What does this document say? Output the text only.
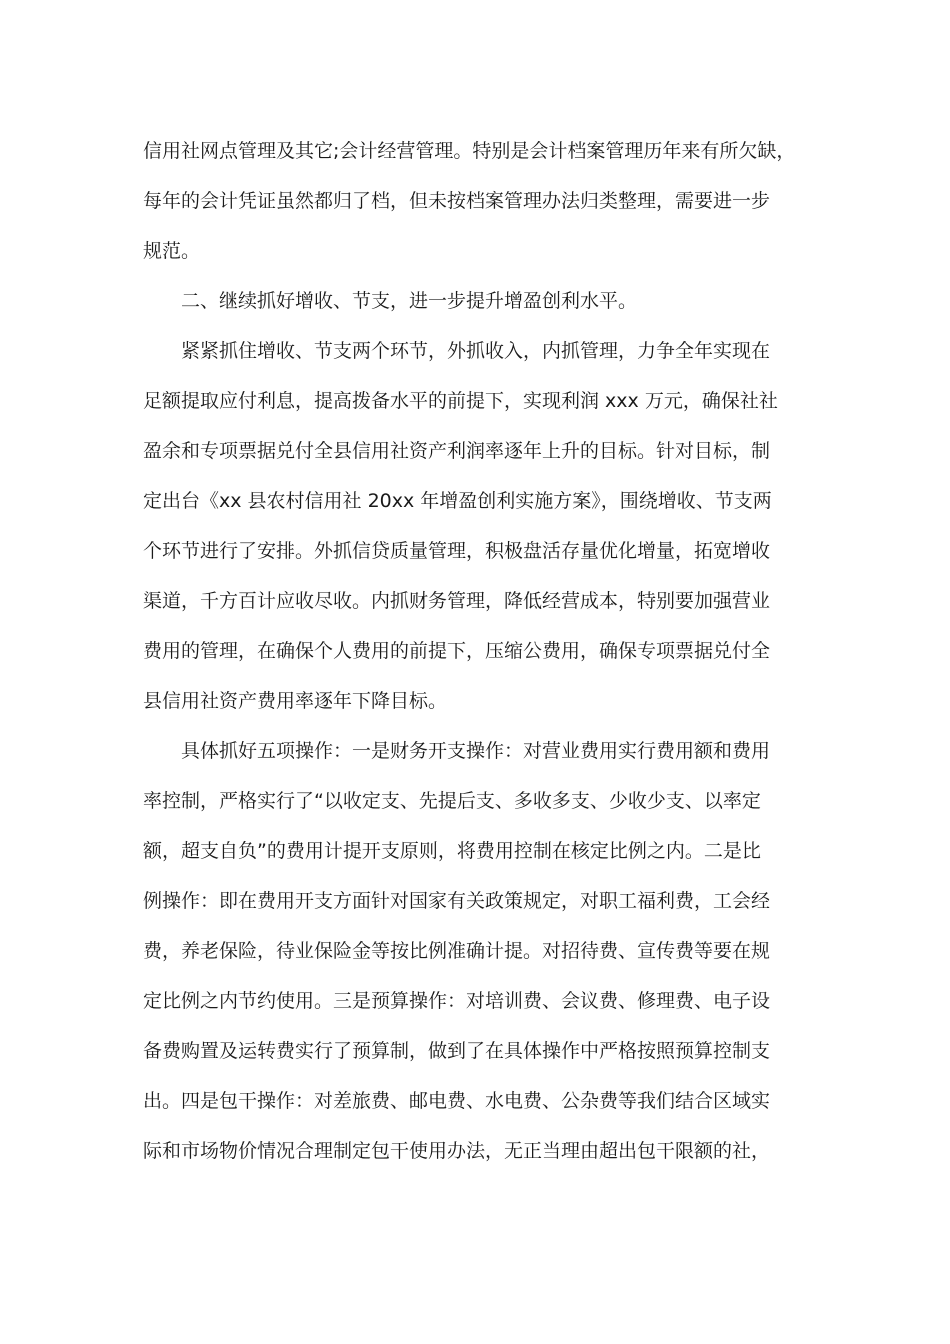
信用社网点管理及其它;会计经营管理。特别是会计档案管理历年来有所欠缺，
每年的会计凭证虽然都归了档，但未按档案管理办法归类整理，需要进一步
规范。
二、继续抓好增收、节支，进一步提升增盈创利水平。
紧紧抓住增收、节支两个环节，外抓收入，内抓管理，力争全年实现在
足额提取应付利息，提高拨备水平的前提下，实现利润 xxx 万元，确保社社
盈余和专项票据兑付全县信用社资产利润率逐年上升的目标。针对目标，制
定出台《xx 县农村信用社 20xx 年增盈创利实施方案》，围绕增收、节支两
个环节进行了安排。外抓信贷质量管理，积极盘活存量优化增量，拓宽增收
渠道，千方百计应收尽收。内抓财务管理，降低经营成本，特别要加强营业
费用的管理，在确保个人费用的前提下，压缩公费用，确保专项票据兑付全
县信用社资产费用率逐年下降目标。
具体抓好五项操作：一是财务开支操作：对营业费用实行费用额和费用
率控制，严格实行了“以收定支、先提后支、多收多支、少收少支、以率定
额，超支自负”的费用计提开支原则，将费用控制在核定比例之内。二是比
例操作：即在费用开支方面针对国家有关政策规定，对职工福利费，工会经
费，养老保险，待业保险金等按比例准确计提。对招待费、宣传费等要在规
定比例之内节约使用。三是预算操作：对培训费、会议费、修理费、电子设
备费购置及运转费实行了预算制，做到了在具体操作中严格按照预算控制支
出。四是包干操作：对差旅费、邮电费、水电费、公杂费等我们结合区域实
际和市场物价情况合理制定包干使用办法，无正当理由超出包干限额的社，
